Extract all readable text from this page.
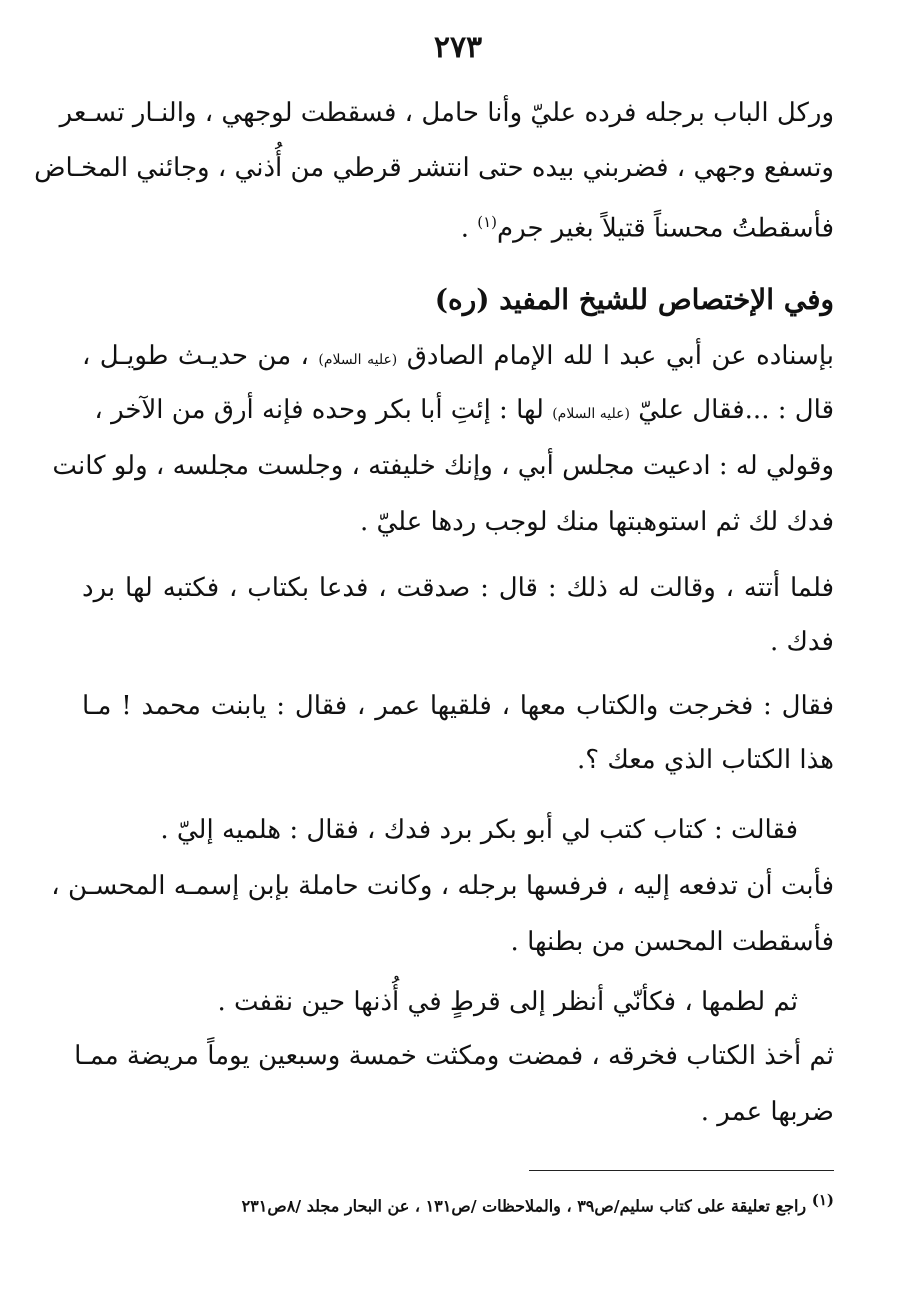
٢٧٣
وركل الباب برجله فرده عليّ وأنا حامل ، فسقطت لوجهي ، والنـار تسـعر
وتسفع وجهي ، فضربني بيده حتى انتشر قرطي من أُذني ، وجائني المخـاض
فأسقطتُ محسناً قتيلاً بغير جرم$^{(١)}$ .
وفي الإختصاص للشيخ المفيد (ره)
بإسناده عن أبي عبد ا لله الإمام الصادق (عليه السلام) ، من حديـث طويـل ،
قال : ...فقال عليّ (عليه السلام) لها : إئتِ أبا بكر وحده فإنه أرق من الآخر ،
وقولي له : ادعيت مجلس أبي ، وإنك خليفته ، وجلست مجلسه ، ولو كانت
فدك لك ثم استوهبتها منك لوجب ردها عليّ .
فلما أتته ، وقالت له ذلك : قال : صدقت ، فدعا بكتاب ، فكتبه لها برد
فدك .
فقال : فخرجت والكتاب معها ، فلقيها عمر ، فقال : يابنت محمد ! مـا
هذا الكتاب الذي معك ؟.
فقالت : كتاب كتب لي أبو بكر برد فدك ، فقال : هلميه إليّ .
فأبت أن تدفعه إليه ، فرفسها برجله ، وكانت حاملة بإبن إسمـه المحسـن ،
فأسقطت المحسن من بطنها .
ثم لطمها ، فكأنّي أنظر إلى قرطٍ في أُذنها حين نقفت .
ثم أخذ الكتاب فخرقه ، فمضت ومكثت خمسة وسبعين يوماً مريضة ممـا
ضربها عمر .
(١) راجع تعليقة على كتاب سليم/ص٣٩ ، والملاحظات /ص١٣١ ، عن البحار مجلد /٨ص٢٣١
